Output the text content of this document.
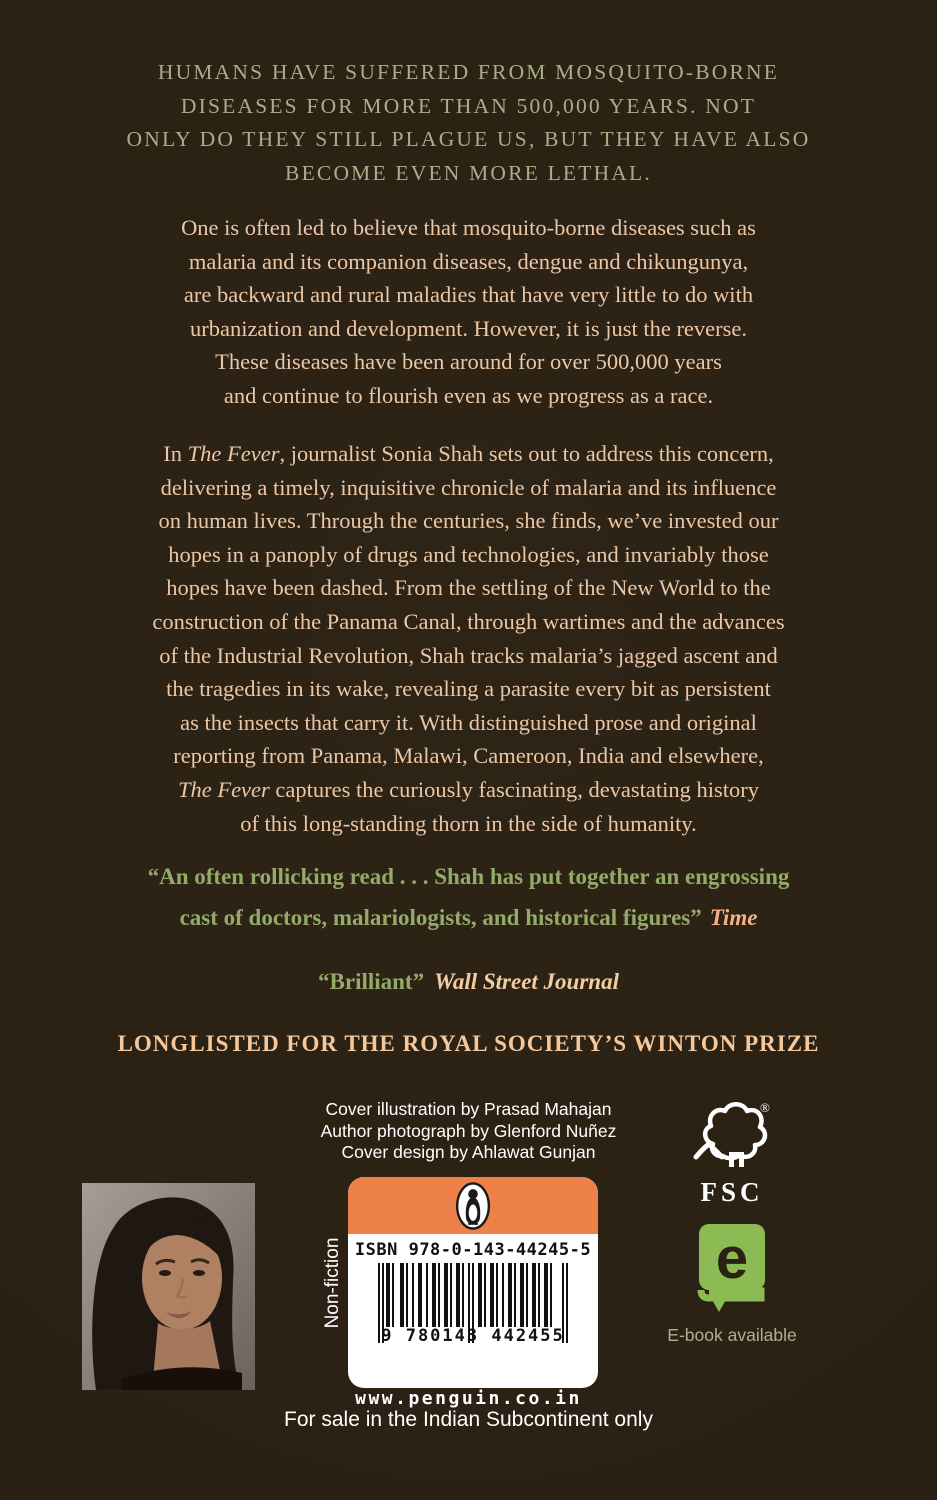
HUMANS HAVE SUFFERED FROM MOSQUITO-BORNE
DISEASES FOR MORE THAN 500,000 YEARS. NOT
ONLY DO THEY STILL PLAGUE US, BUT THEY HAVE ALSO
BECOME EVEN MORE LETHAL.
One is often led to believe that mosquito-borne diseases such as
malaria and its companion diseases, dengue and chikungunya,
are backward and rural maladies that have very little to do with
urbanization and development. However, it is just the reverse.
These diseases have been around for over 500,000 years
and continue to flourish even as we progress as a race.
In The Fever, journalist Sonia Shah sets out to address this concern,
delivering a timely, inquisitive chronicle of malaria and its influence
on human lives. Through the centuries, she finds, we’ve invested our
hopes in a panoply of drugs and technologies, and invariably those
hopes have been dashed. From the settling of the New World to the
construction of the Panama Canal, through wartimes and the advances
of the Industrial Revolution, Shah tracks malaria’s jagged ascent and
the tragedies in its wake, revealing a parasite every bit as persistent
as the insects that carry it. With distinguished prose and original
reporting from Panama, Malawi, Cameroon, India and elsewhere,
The Fever captures the curiously fascinating, devastating history
of this long-standing thorn in the side of humanity.
“An often rollicking read . . . Shah has put together an engrossing
cast of doctors, malariologists, and historical figures” Time
“Brilliant” Wall Street Journal
LONGLISTED FOR THE ROYAL SOCIETY’S WINTON PRIZE
Cover illustration by Prasad Mahajan
Author photograph by Glenford Nuñez
Cover design by Ahlawat Gunjan
®
FSC
ISBN 978-0-143-44245-5
9 780143 442455
Non-fiction	e
E-book available
www.penguin.co.in
For sale in the Indian Subcontinent only
